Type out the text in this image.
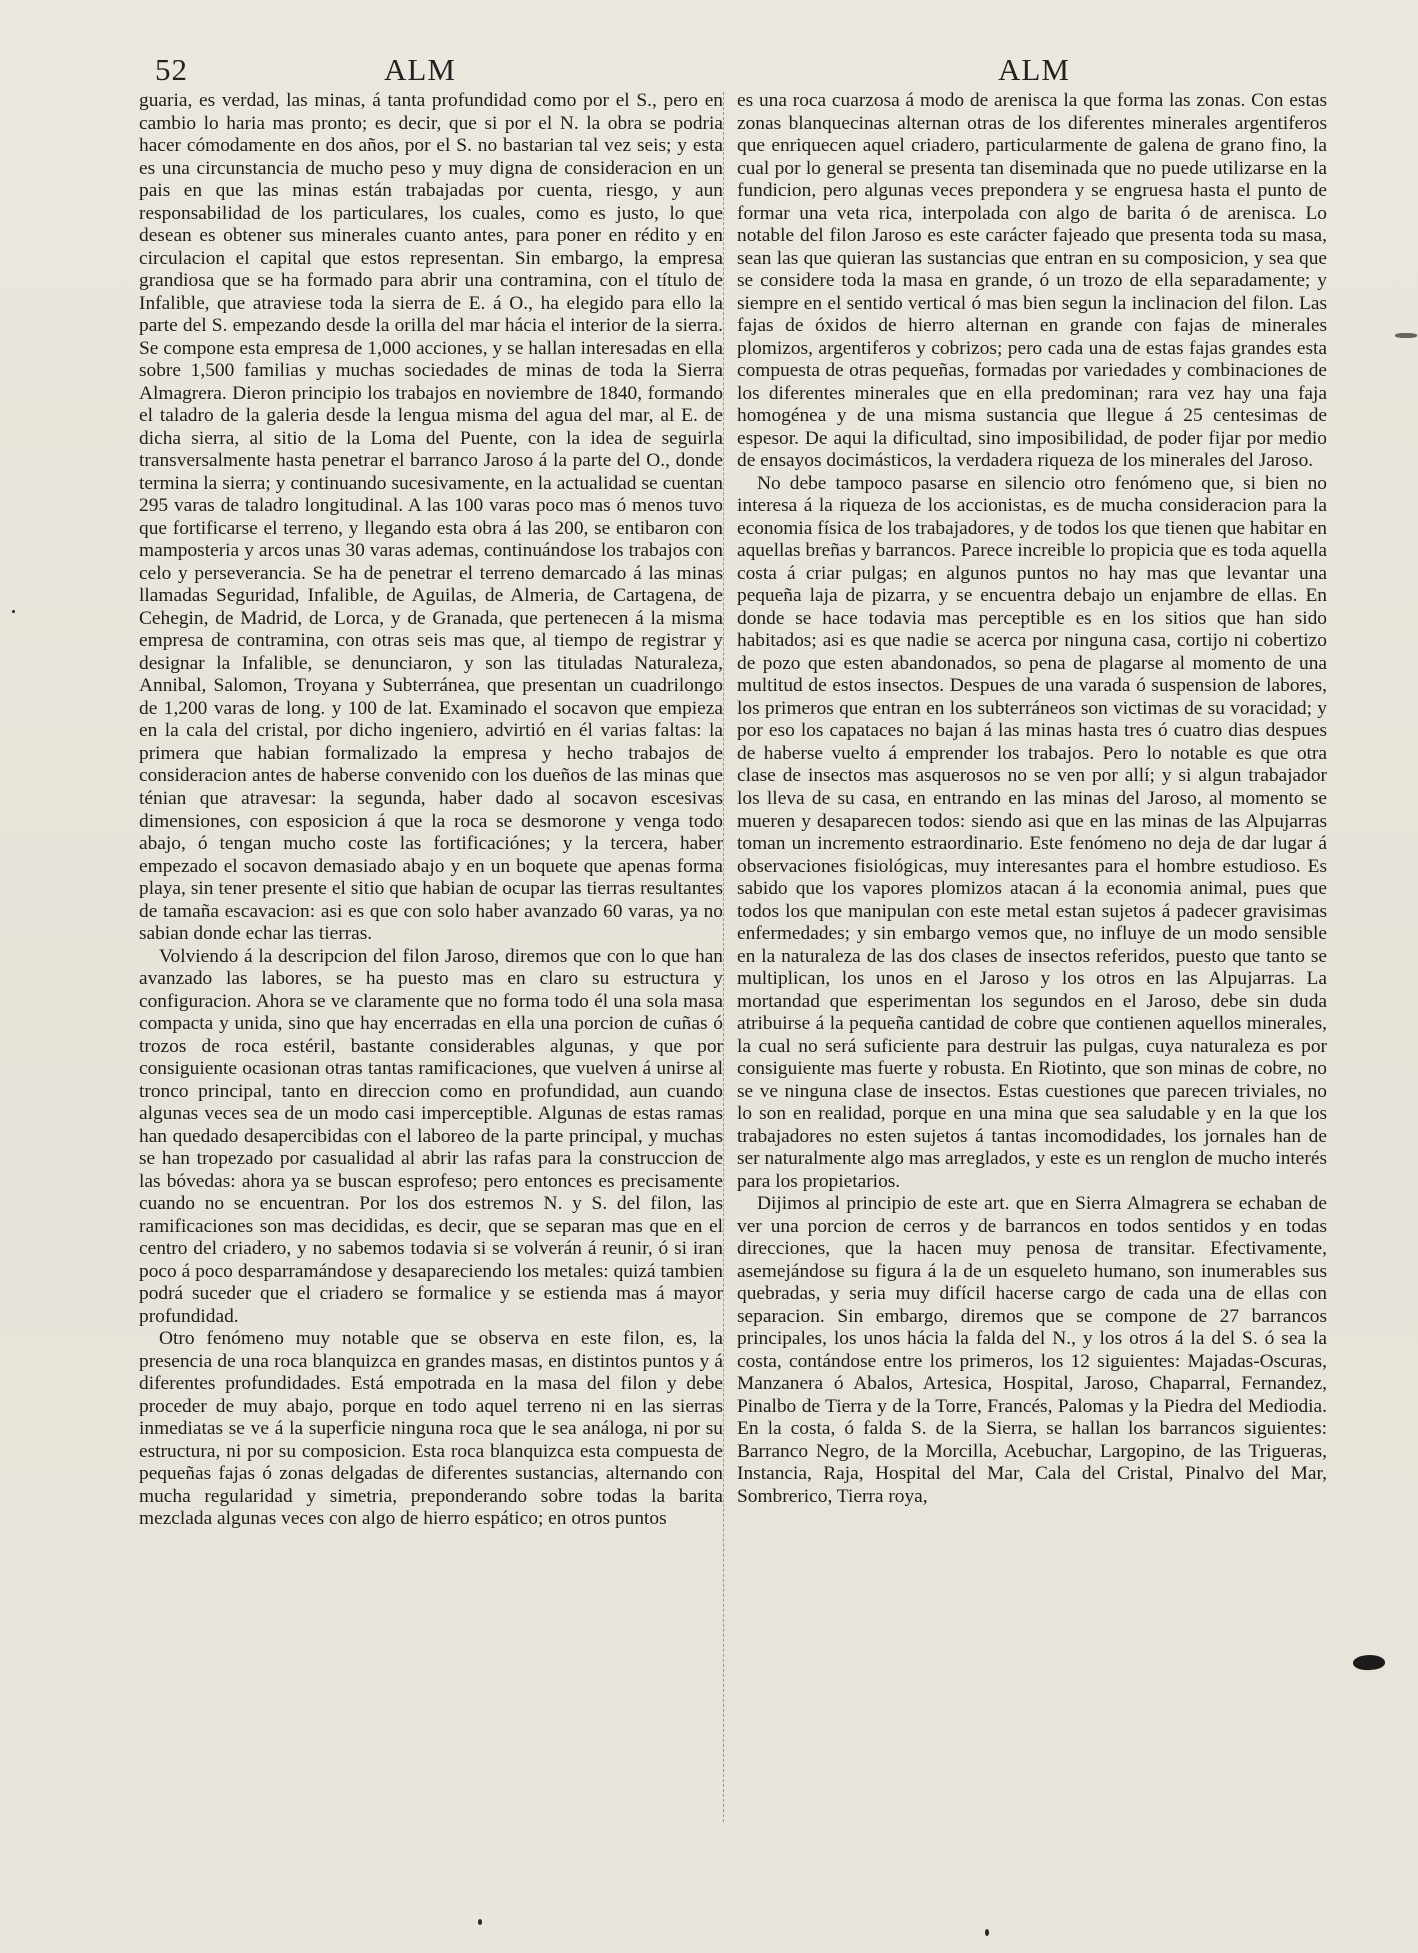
52	ALM	ALM

guaria, es verdad, las minas, á tanta profundidad como por el S., pero en cambio lo haria mas pronto; es decir, que si por el N. la obra se podria hacer cómodamente en dos años, por el S. no bastarian tal vez seis; y esta es una circunstancia de mucho peso y muy digna de consideracion en un pais en que las minas están trabajadas por cuenta, riesgo, y aun responsabilidad de los particulares, los cuales, como es justo, lo que desean es obtener sus minerales cuanto antes, para poner en rédito y en circulacion el capital que estos representan. Sin embargo, la empresa grandiosa que se ha formado para abrir una contramina, con el título de Infalible, que atraviese toda la sierra de E. á O., ha elegido para ello la parte del S. empezando desde la orilla del mar hácia el interior de la sierra. Se compone esta empresa de 1,000 acciones, y se hallan interesadas en ella sobre 1,500 familias y muchas sociedades de minas de toda la Sierra Almagrera. Dieron principio los trabajos en noviembre de 1840, formando el taladro de la galeria desde la lengua misma del agua del mar, al E. de dicha sierra, al sitio de la Loma del Puente, con la idea de seguirla transversalmente hasta penetrar el barranco Jaroso á la parte del O., donde termina la sierra; y continuando sucesivamente, en la actualidad se cuentan 295 varas de taladro longitudinal. A las 100 varas poco mas ó menos tuvo que fortificarse el terreno, y llegando esta obra á las 200, se entibaron con mamposteria y arcos unas 30 varas ademas, continuándose los trabajos con celo y perseverancia. Se ha de penetrar el terreno demarcado á las minas llamadas Seguridad, Infalible, de Aguilas, de Almeria, de Cartagena, de Cehegin, de Madrid, de Lorca, y de Granada, que pertenecen á la misma empresa de contramina, con otras seis mas que, al tiempo de registrar y designar la Infalible, se denunciaron, y son las tituladas Naturaleza, Annibal, Salomon, Troyana y Subterránea, que presentan un cuadrilongo de 1,200 varas de long. y 100 de lat. Examinado el socavon que empieza en la cala del cristal, por dicho ingeniero, advirtió en él varias faltas: la primera que habian formalizado la empresa y hecho trabajos de consideracion antes de haberse convenido con los dueños de las minas que ténian que atravesar: la segunda, haber dado al socavon escesivas dimensiones, con esposicion á que la roca se desmorone y venga todo abajo, ó tengan mucho coste las fortificaciónes; y la tercera, haber empezado el socavon demasiado abajo y en un boquete que apenas forma playa, sin tener presente el sitio que habian de ocupar las tierras resultantes de tamaña escavacion: asi es que con solo haber avanzado 60 varas, ya no sabian donde echar las tierras.

Volviendo á la descripcion del filon Jaroso, diremos que con lo que han avanzado las labores, se ha puesto mas en claro su estructura y configuracion. Ahora se ve claramente que no forma todo él una sola masa compacta y unida, sino que hay encerradas en ella una porcion de cuñas ó trozos de roca estéril, bastante considerables algunas, y que por consiguiente ocasionan otras tantas ramificaciones, que vuelven á unirse al tronco principal, tanto en direccion como en profundidad, aun cuando algunas veces sea de un modo casi imperceptible. Algunas de estas ramas han quedado desapercibidas con el laboreo de la parte principal, y muchas se han tropezado por casualidad al abrir las rafas para la construccion de las bóvedas: ahora ya se buscan esprofeso; pero entonces es precisamente cuando no se encuentran. Por los dos estremos N. y S. del filon, las ramificaciones son mas decididas, es decir, que se separan mas que en el centro del criadero, y no sabemos todavia si se volverán á reunir, ó si iran poco á poco desparramándose y desapareciendo los metales: quizá tambien podrá suceder que el criadero se formalice y se estienda mas á mayor profundidad.

Otro fenómeno muy notable que se observa en este filon, es, la presencia de una roca blanquizca en grandes masas, en distintos puntos y á diferentes profundidades. Está empotrada en la masa del filon y debe proceder de muy abajo, porque en todo aquel terreno ni en las sierras inmediatas se ve á la superficie ninguna roca que le sea análoga, ni por su estructura, ni por su composicion. Esta roca blanquizca esta compuesta de pequeñas fajas ó zonas delgadas de diferentes sustancias, alternando con mucha regularidad y simetria, preponderando sobre todas la barita mezclada algunas veces con algo de hierro espático; en otros puntos

es una roca cuarzosa á modo de arenisca la que forma las zonas. Con estas zonas blanquecinas alternan otras de los diferentes minerales argentiferos que enriquecen aquel criadero, particularmente de galena de grano fino, la cual por lo general se presenta tan diseminada que no puede utilizarse en la fundicion, pero algunas veces prepondera y se engruesa hasta el punto de formar una veta rica, interpolada con algo de barita ó de arenisca. Lo notable del filon Jaroso es este carácter fajeado que presenta toda su masa, sean las que quieran las sustancias que entran en su composicion, y sea que se considere toda la masa en grande, ó un trozo de ella separadamente; y siempre en el sentido vertical ó mas bien segun la inclinacion del filon. Las fajas de óxidos de hierro alternan en grande con fajas de minerales plomizos, argentiferos y cobrizos; pero cada una de estas fajas grandes esta compuesta de otras pequeñas, formadas por variedades y combinaciones de los diferentes minerales que en ella predominan; rara vez hay una faja homogénea y de una misma sustancia que llegue á 25 centesimas de espesor. De aqui la dificultad, sino imposibilidad, de poder fijar por medio de ensayos docimásticos, la verdadera riqueza de los minerales del Jaroso.

No debe tampoco pasarse en silencio otro fenómeno que, si bien no interesa á la riqueza de los accionistas, es de mucha consideracion para la economia física de los trabajadores, y de todos los que tienen que habitar en aquellas breñas y barrancos. Parece increible lo propicia que es toda aquella costa á criar pulgas; en algunos puntos no hay mas que levantar una pequeña laja de pizarra, y se encuentra debajo un enjambre de ellas. En donde se hace todavia mas perceptible es en los sitios que han sido habitados; asi es que nadie se acerca por ninguna casa, cortijo ni cobertizo de pozo que esten abandonados, so pena de plagarse al momento de una multitud de estos insectos. Despues de una varada ó suspension de labores, los primeros que entran en los subterráneos son victimas de su voracidad; y por eso los capataces no bajan á las minas hasta tres ó cuatro dias despues de haberse vuelto á emprender los trabajos. Pero lo notable es que otra clase de insectos mas asquerosos no se ven por allí; y si algun trabajador los lleva de su casa, en entrando en las minas del Jaroso, al momento se mueren y desaparecen todos: siendo asi que en las minas de las Alpujarras toman un incremento estraordinario. Este fenómeno no deja de dar lugar á observaciones fisiológicas, muy interesantes para el hombre estudioso. Es sabido que los vapores plomizos atacan á la economia animal, pues que todos los que manipulan con este metal estan sujetos á padecer gravisimas enfermedades; y sin embargo vemos que, no influye de un modo sensible en la naturaleza de las dos clases de insectos referidos, puesto que tanto se multiplican, los unos en el Jaroso y los otros en las Alpujarras. La mortandad que esperimentan los segundos en el Jaroso, debe sin duda atribuirse á la pequeña cantidad de cobre que contienen aquellos minerales, la cual no será suficiente para destruir las pulgas, cuya naturaleza es por consiguiente mas fuerte y robusta. En Riotinto, que son minas de cobre, no se ve ninguna clase de insectos. Estas cuestiones que parecen triviales, no lo son en realidad, porque en una mina que sea saludable y en la que los trabajadores no esten sujetos á tantas incomodidades, los jornales han de ser naturalmente algo mas arreglados, y este es un renglon de mucho interés para los propietarios.

Dijimos al principio de este art. que en Sierra Almagrera se echaban de ver una porcion de cerros y de barrancos en todos sentidos y en todas direcciones, que la hacen muy penosa de transitar. Efectivamente, asemejándose su figura á la de un esqueleto humano, son inumerables sus quebradas, y seria muy difícil hacerse cargo de cada una de ellas con separacion. Sin embargo, diremos que se compone de 27 barrancos principales, los unos hácia la falda del N., y los otros á la del S. ó sea la costa, contándose entre los primeros, los 12 siguientes: Majadas-Oscuras, Manzanera ó Abalos, Artesica, Hospital, Jaroso, Chaparral, Fernandez, Pinalbo de Tierra y de la Torre, Francés, Palomas y la Piedra del Mediodia. En la costa, ó falda S. de la Sierra, se hallan los barrancos siguientes: Barranco Negro, de la Morcilla, Acebuchar, Largopino, de las Trigueras, Instancia, Raja, Hospital del Mar, Cala del Cristal, Pinalvo del Mar, Sombrerico, Tierra roya,
